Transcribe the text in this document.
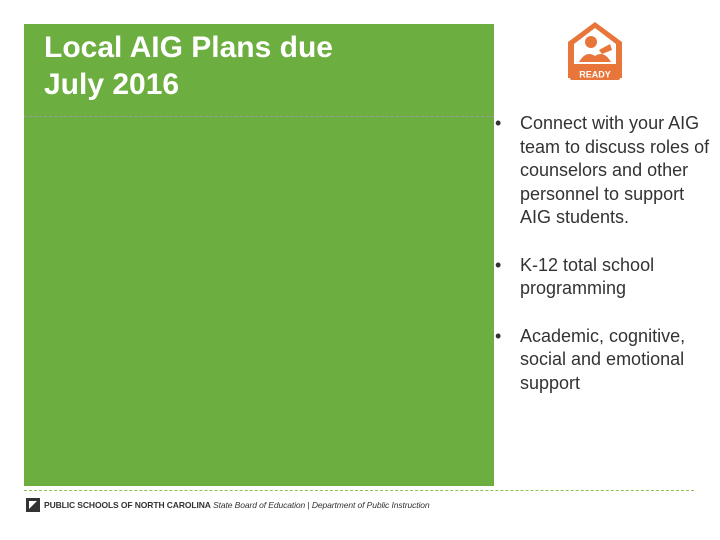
Local AIG Plans due
July 2016	READY
• Connect with your AIG team to discuss roles of counselors and other personnel to support AIG students.
• K-12 total school programming
• Academic, cognitive, social and emotional support
PUBLIC SCHOOLS OF NORTH CAROLINA State Board of Education | Department of Public Instruction
